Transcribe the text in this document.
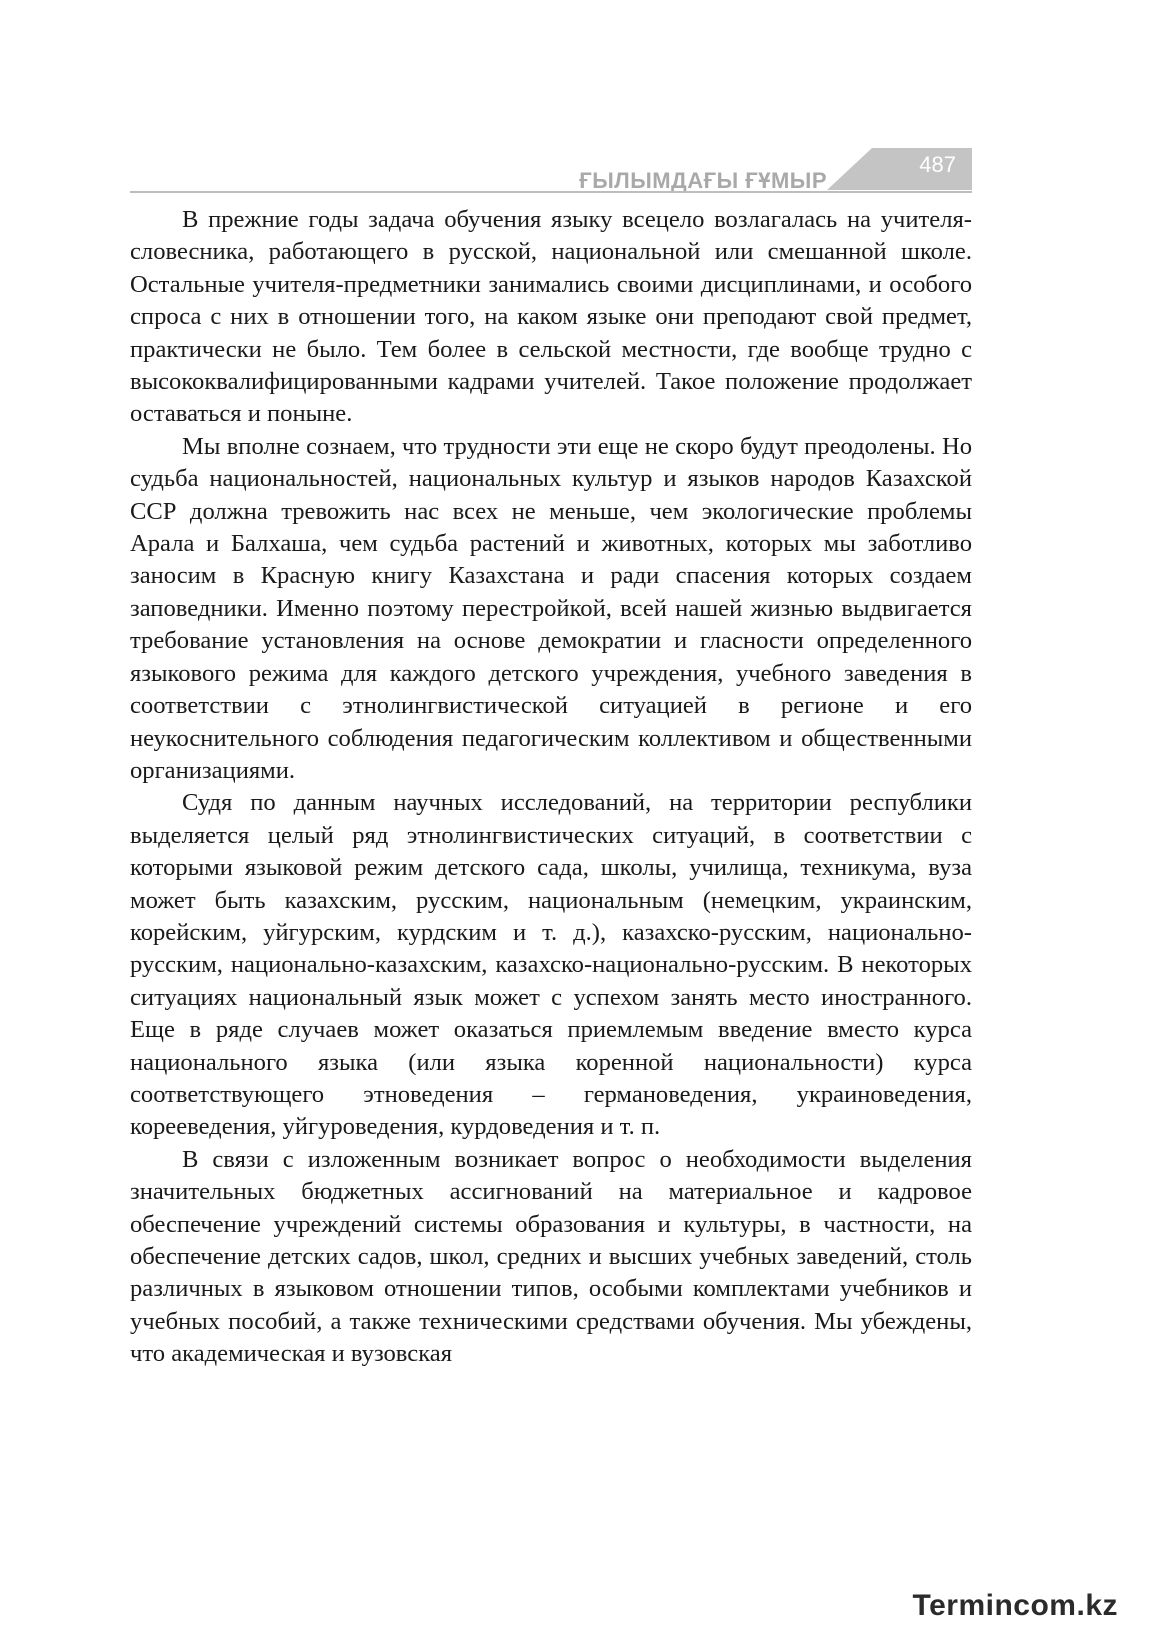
ҒЫЛЫМДАҒЫ ҒҰМЫР
487

В прежние годы задача обучения языку всецело возлагалась на учителя-словесника, работающего в русской, национальной или смешанной школе. Остальные учителя-предметники занимались своими дисциплинами, и особого спроса с них в отношении того, на каком языке они преподают свой предмет, практически не было. Тем более в сельской местности, где вообще трудно с высококвалифицированными кадрами учителей. Такое положение продолжает оставаться и поныне.

Мы вполне сознаем, что трудности эти еще не скоро будут преодолены. Но судьба национальностей, национальных культур и языков народов Казахской ССР должна тревожить нас всех не меньше, чем экологические проблемы Арала и Балхаша, чем судьба растений и животных, которых мы заботливо заносим в Красную книгу Казахстана и ради спасения которых создаем заповедники. Именно поэтому перестройкой, всей нашей жизнью выдвигается требование установления на основе демократии и гласности определенного языкового режима для каждого детского учреждения, учебного заведения в соответствии с этнолингвистической ситуацией в регионе и его неукоснительного соблюдения педагогическим коллективом и общественными организациями.

Судя по данным научных исследований, на территории республики выделяется целый ряд этнолингвистических ситуаций, в соответствии с которыми языковой режим детского сада, школы, училища, техникума, вуза может быть казахским, русским, национальным (немецким, украинским, корейским, уйгурским, курдским и т. д.), казахско-русским, национально-русским, национально-казахским, казахско-национально-русским. В некоторых ситуациях национальный язык может с успехом занять место иностранного. Еще в ряде случаев может оказаться приемлемым введение вместо курса национального языка (или языка коренной национальности) курса соответствующего этноведения – германоведения, украиноведения, корееведения, уйгуроведения, курдоведения и т. п.

В связи с изложенным возникает вопрос о необходимости выделения значительных бюджетных ассигнований на материальное и кадровое обеспечение учреждений системы образования и культуры, в частности, на обеспечение детских садов, школ, средних и высших учебных заведений, столь различных в языковом отношении типов, особыми комплектами учебников и учебных пособий, а также техническими средствами обучения. Мы убеждены, что академическая и вузовская

Termincom.kz
